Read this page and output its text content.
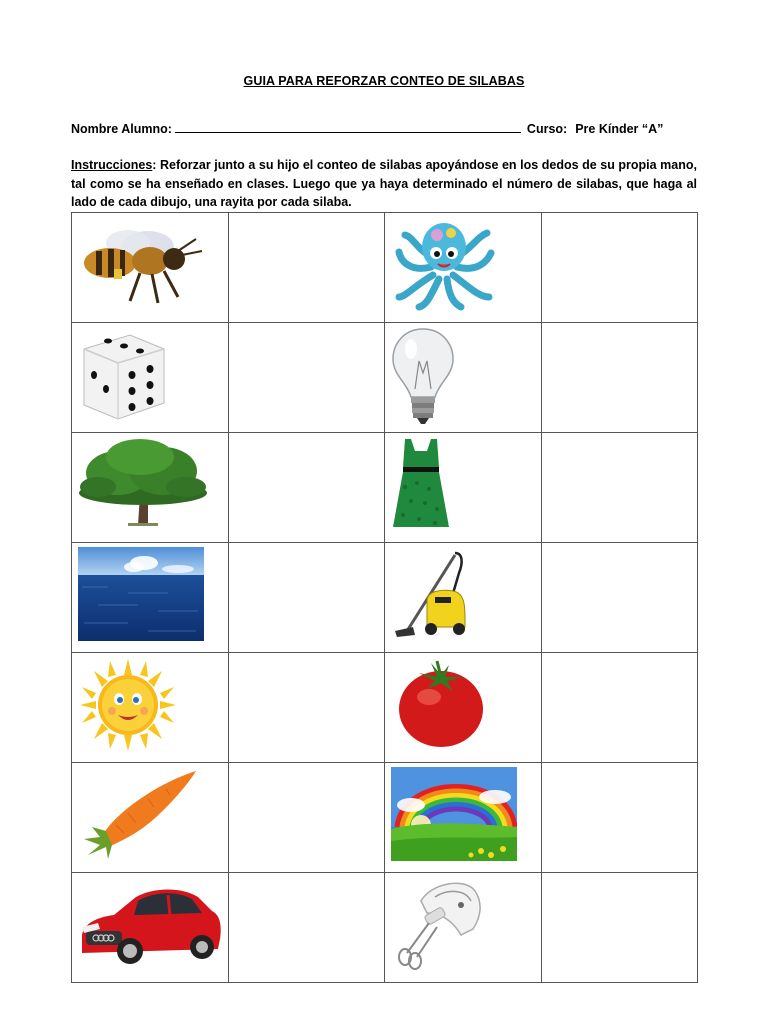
GUIA PARA REFORZAR CONTEO DE SILABAS
Nombre Alumno:	Curso: Pre Kínder “A”
Instrucciones: Reforzar junto a su hijo el conteo de silabas apoyándose en los dedos de su propia mano, tal como se ha enseñado en clases. Luego que ya haya determinado el número de silabas, que haga al lado de cada dibujo, una rayita por cada silaba.
